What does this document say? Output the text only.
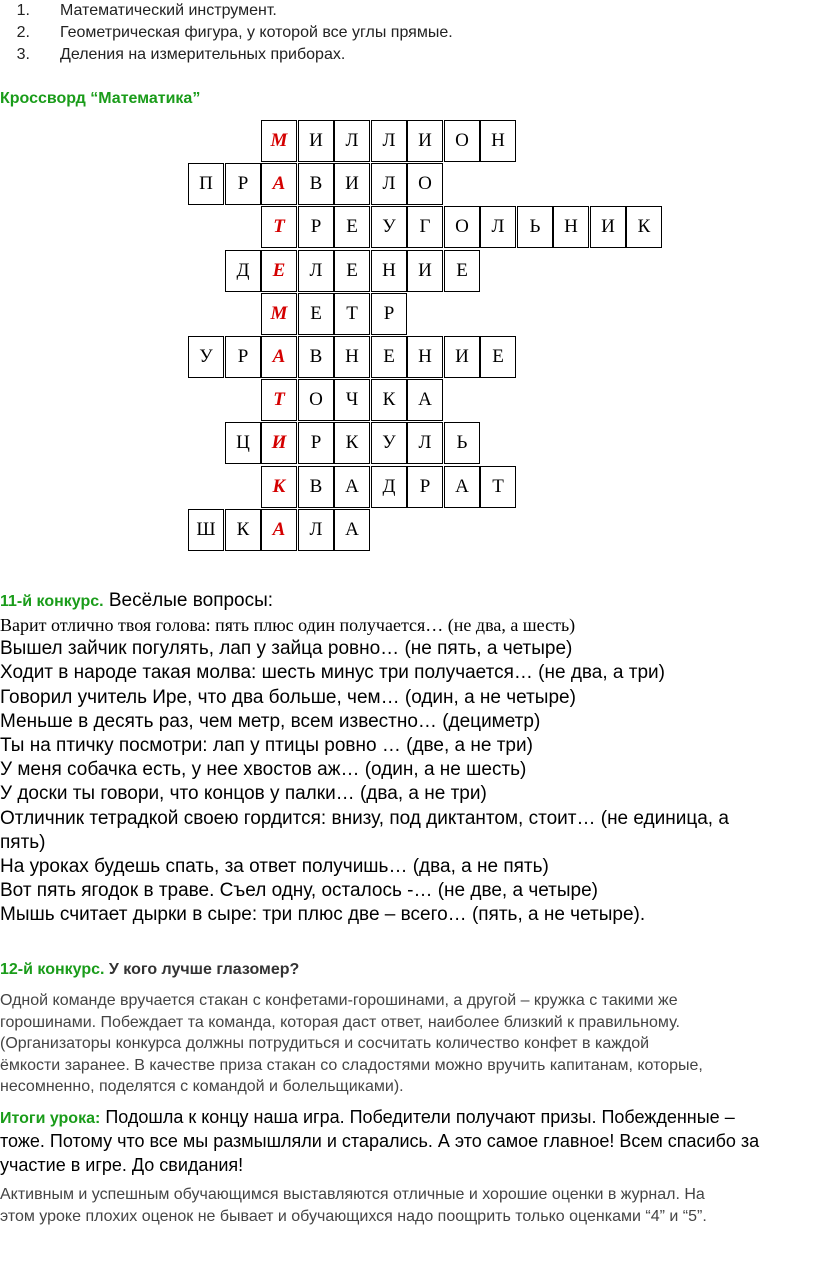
1. Математический инструмент.
2. Геометрическая фигура, у которой все углы прямые.
3. Деления на измерительных приборах.
Кроссворд “Математика”
М	И	Л	Л	И	О	Н
П	Р	А	В	И	Л	О
Т	Р	Е	У	Г	О	Л	Ь	Н	И	К
Д	Е	Л	Е	Н	И	Е
М	Е	Т	Р
У	Р	А	В	Н	Е	Н	И	Е
Т	О	Ч	К	А
Ц	И	Р	К	У	Л	Ь
К	В	А	Д	Р	А	Т
Ш	К	А	Л	А
11-й конкурс. Весёлые вопросы:
Варит отлично твоя голова: пять плюс один получается… (не два, а шесть)
Вышел зайчик погулять, лап у зайца ровно… (не пять, а четыре)
Ходит в народе такая молва: шесть минус три получается… (не два, а три)
Говорил учитель Ире, что два больше, чем… (один, а не четыре)
Меньше в десять раз, чем метр, всем известно… (дециметр)
Ты на птичку посмотри: лап у птицы ровно … (две, а не три)
У меня собачка есть, у нее хвостов аж… (один, а не шесть)
У доски ты говори, что концов у палки… (два, а не три)
Отличник тетрадкой своею гордится: внизу, под диктантом, стоит… (не единица, а
пять)
На уроках будешь спать, за ответ получишь… (два, а не пять)
Вот пять ягодок в траве. Съел одну, осталось -… (не две, а четыре)
Мышь считает дырки в сыре: три плюс две – всего… (пять, а не четыре).
12-й конкурс. У кого лучше глазомер?
Одной команде вручается стакан с конфетами-горошинами, а другой – кружка с такими же
горошинами. Побеждает та команда, которая даст ответ, наиболее близкий к правильному.
(Организаторы конкурса должны потрудиться и сосчитать количество конфет в каждой
ёмкости заранее. В качестве приза стакан со сладостями можно вручить капитанам, которые,
несомненно, поделятся с командой и болельщиками).
Итоги урока: Подошла к концу наша игра. Победители получают призы. Побежденные –
тоже. Потому что все мы размышляли и старались. А это самое главное! Всем спасибо за
участие в игре. До свидания!
Активным и успешным обучающимся выставляются отличные и хорошие оценки в журнал. На
этом уроке плохих оценок не бывает и обучающихся надо поощрить только оценками “4” и “5”.
